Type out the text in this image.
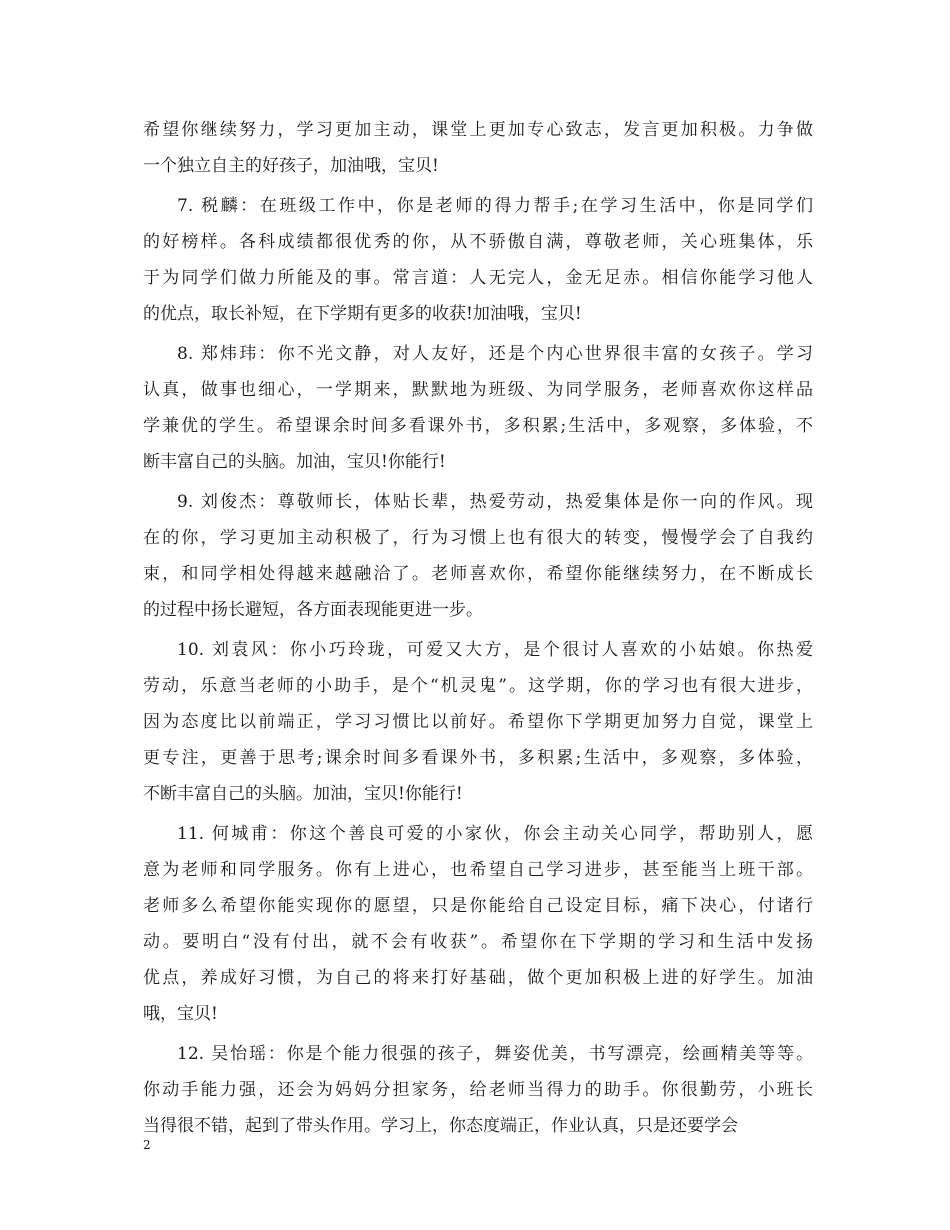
希望你继续努力，学习更加主动，课堂上更加专心致志，发言更加积极。力争做
一个独立自主的好孩子，加油哦，宝贝!
7. 税麟：在班级工作中，你是老师的得力帮手;在学习生活中，你是同学们
的好榜样。各科成绩都很优秀的你，从不骄傲自满，尊敬老师，关心班集体，乐
于为同学们做力所能及的事。常言道：人无完人，金无足赤。相信你能学习他人
的优点，取长补短，在下学期有更多的收获!加油哦，宝贝!
8. 郑炜玮：你不光文静，对人友好，还是个内心世界很丰富的女孩子。学习
认真，做事也细心，一学期来，默默地为班级、为同学服务，老师喜欢你这样品
学兼优的学生。希望课余时间多看课外书，多积累;生活中，多观察，多体验，不
断丰富自己的头脑。加油，宝贝!你能行!
9. 刘俊杰：尊敬师长，体贴长辈，热爱劳动，热爱集体是你一向的作风。现
在的你，学习更加主动积极了，行为习惯上也有很大的转变，慢慢学会了自我约
束，和同学相处得越来越融洽了。老师喜欢你，希望你能继续努力，在不断成长
的过程中扬长避短，各方面表现能更进一步。
10. 刘袁风：你小巧玲珑，可爱又大方，是个很讨人喜欢的小姑娘。你热爱
劳动，乐意当老师的小助手，是个“机灵鬼”。这学期，你的学习也有很大进步，
因为态度比以前端正，学习习惯比以前好。希望你下学期更加努力自觉，课堂上
更专注，更善于思考;课余时间多看课外书，多积累;生活中，多观察，多体验，
不断丰富自己的头脑。加油，宝贝!你能行!
11. 何城甫：你这个善良可爱的小家伙，你会主动关心同学，帮助别人，愿
意为老师和同学服务。你有上进心，也希望自己学习进步，甚至能当上班干部。
老师多么希望你能实现你的愿望，只是你能给自己设定目标，痛下决心，付诸行
动。要明白“没有付出，就不会有收获”。希望你在下学期的学习和生活中发扬
优点，养成好习惯，为自己的将来打好基础，做个更加积极上进的好学生。加油
哦，宝贝!
12. 吴怡瑶：你是个能力很强的孩子，舞姿优美，书写漂亮，绘画精美等等。
你动手能力强，还会为妈妈分担家务，给老师当得力的助手。你很勤劳，小班长
当得很不错，起到了带头作用。学习上，你态度端正，作业认真，只是还要学会
2
